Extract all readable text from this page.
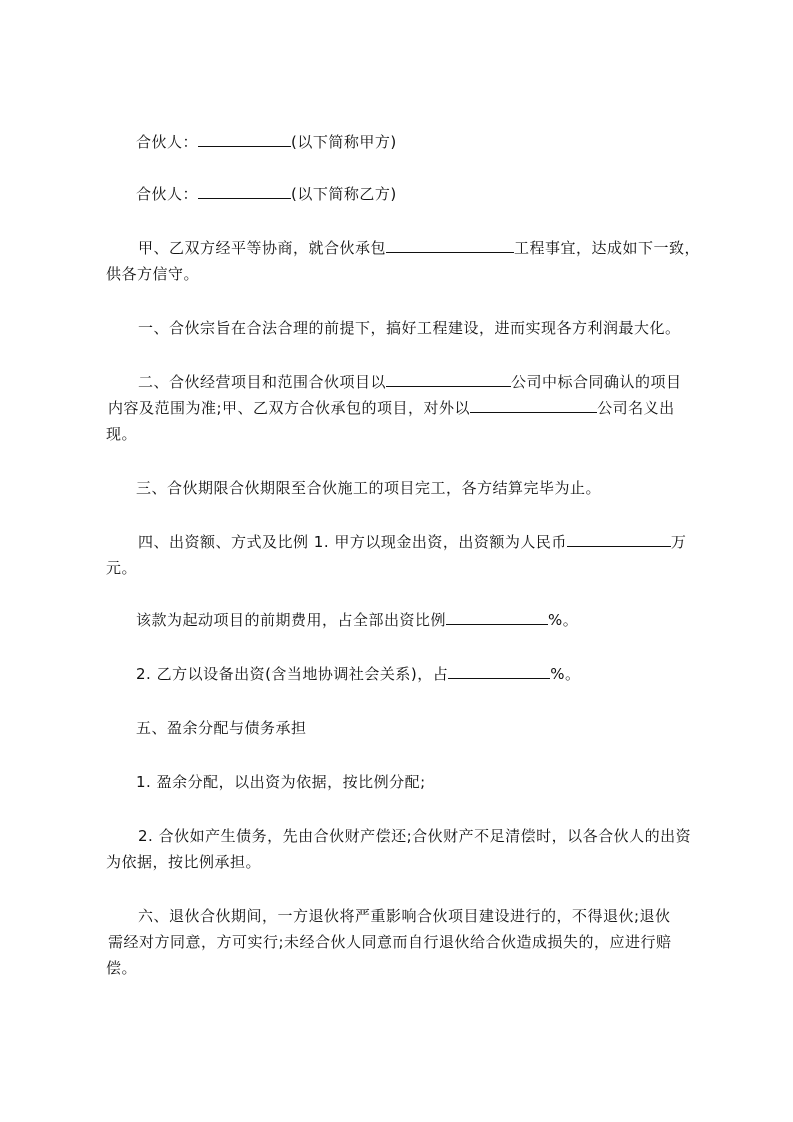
合伙人：	(以下简称甲方)
合伙人：	(以下简称乙方)
甲、乙双方经平等协商，就合伙承包	工程事宜，达成如下一致，
供各方信守。
一、合伙宗旨在合法合理的前提下，搞好工程建设，进而实现各方利润最大化。
二、合伙经营项目和范围合伙项目以	公司中标合同确认的项目
内容及范围为准;甲、乙双方合伙承包的项目，对外以	公司名义出
现。
三、合伙期限合伙期限至合伙施工的项目完工，各方结算完毕为止。
四、出资额、方式及比例 1. 甲方以现金出资，出资额为人民币	万
元。
该款为起动项目的前期费用，占全部出资比例	%。
2. 乙方以设备出资(含当地协调社会关系)，占	%。
五、盈余分配与债务承担
1. 盈余分配，以出资为依据，按比例分配;
2. 合伙如产生债务，先由合伙财产偿还;合伙财产不足清偿时，以各合伙人的出资
为依据，按比例承担。
六、退伙合伙期间，一方退伙将严重影响合伙项目建设进行的，不得退伙;退伙
需经对方同意，方可实行;未经合伙人同意而自行退伙给合伙造成损失的，应进行赔
偿。
